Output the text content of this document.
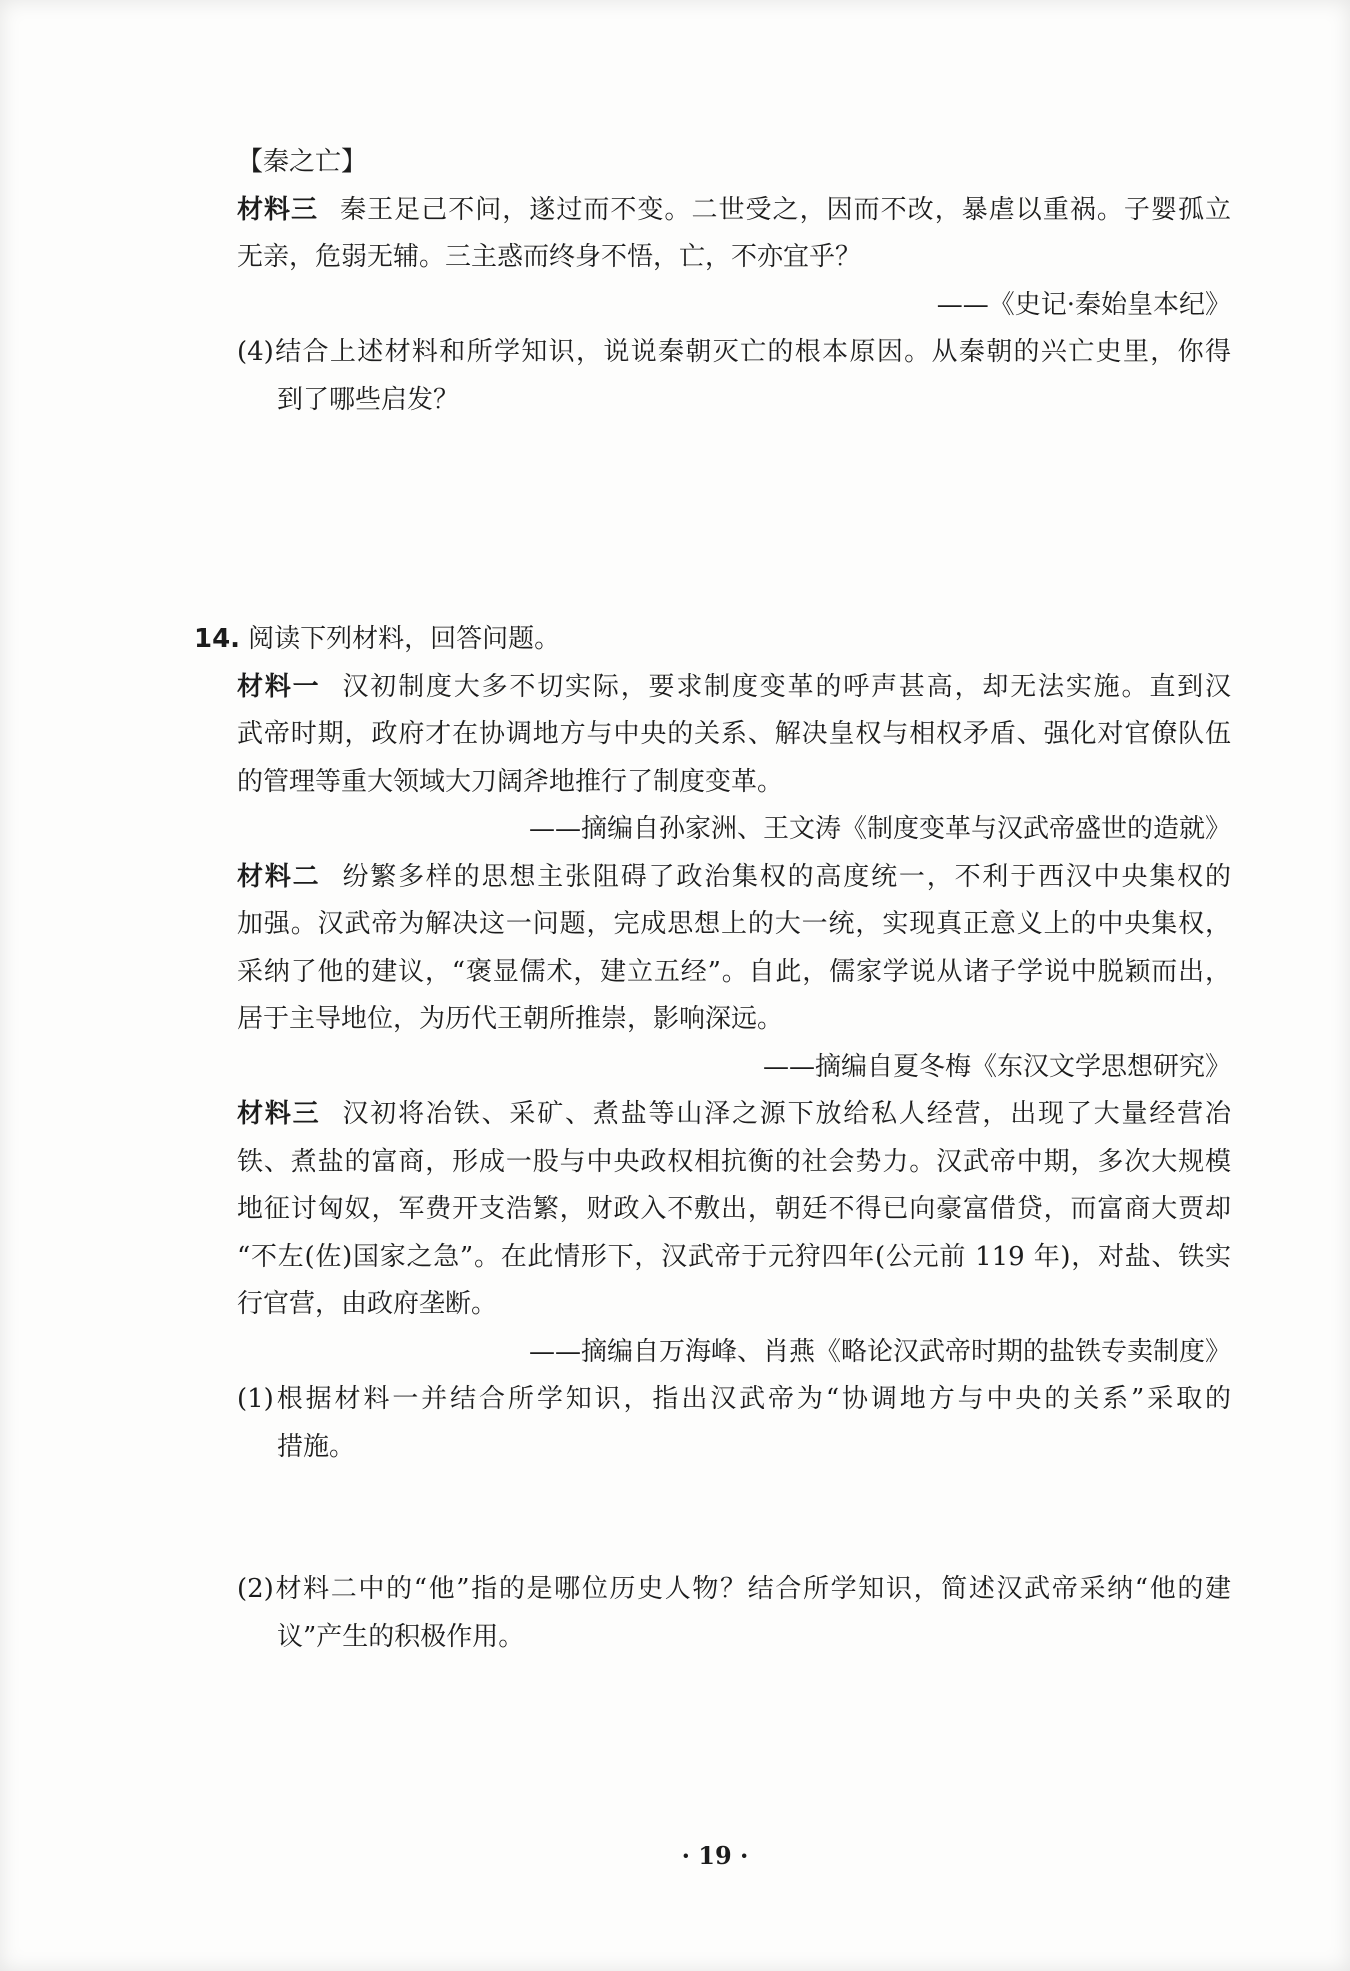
【秦之亡】
材料三 秦王足己不问，遂过而不变。二世受之，因而不改，暴虐以重祸。子婴孤立
无亲，危弱无辅。三主惑而终身不悟，亡，不亦宜乎？
——《史记·秦始皇本纪》
(4)结合上述材料和所学知识，说说秦朝灭亡的根本原因。从秦朝的兴亡史里，你得
到了哪些启发？
14. 阅读下列材料，回答问题。
材料一 汉初制度大多不切实际，要求制度变革的呼声甚高，却无法实施。直到汉
武帝时期，政府才在协调地方与中央的关系、解决皇权与相权矛盾、强化对官僚队伍
的管理等重大领域大刀阔斧地推行了制度变革。
——摘编自孙家洲、王文涛《制度变革与汉武帝盛世的造就》
材料二 纷繁多样的思想主张阻碍了政治集权的高度统一，不利于西汉中央集权的
加强。汉武帝为解决这一问题，完成思想上的大一统，实现真正意义上的中央集权，
采纳了他的建议，“褒显儒术，建立五经”。自此，儒家学说从诸子学说中脱颖而出，
居于主导地位，为历代王朝所推崇，影响深远。
——摘编自夏冬梅《东汉文学思想研究》
材料三 汉初将冶铁、采矿、煮盐等山泽之源下放给私人经营，出现了大量经营冶
铁、煮盐的富商，形成一股与中央政权相抗衡的社会势力。汉武帝中期，多次大规模
地征讨匈奴，军费开支浩繁，财政入不敷出，朝廷不得已向豪富借贷，而富商大贾却
“不左(佐)国家之急”。在此情形下，汉武帝于元狩四年(公元前 119 年)，对盐、铁实
行官营，由政府垄断。
——摘编自万海峰、肖燕《略论汉武帝时期的盐铁专卖制度》
(1)根据材料一并结合所学知识，指出汉武帝为“协调地方与中央的关系”采取的
措施。
(2)材料二中的“他”指的是哪位历史人物？结合所学知识，简述汉武帝采纳“他的建
议”产生的积极作用。
· 19 ·
